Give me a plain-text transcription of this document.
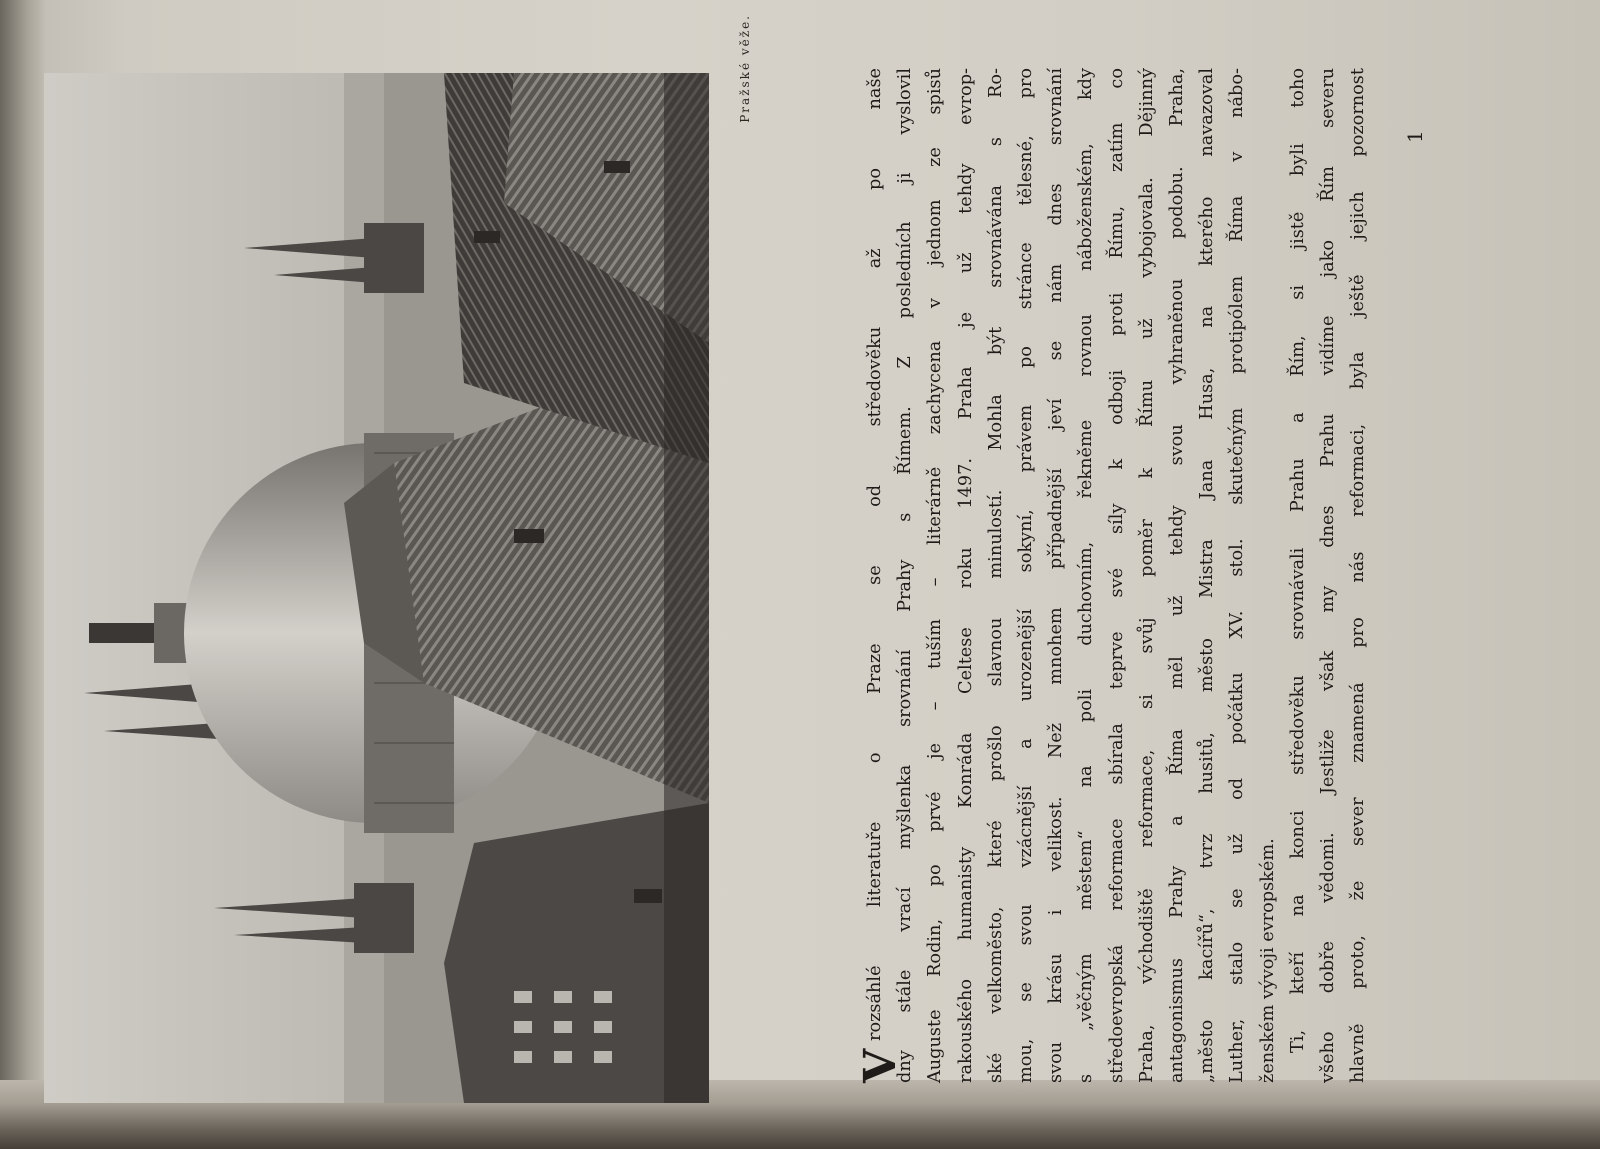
Pražské věže.

V
rozsáhlé literatuře o Praze se od středověku až po naše dny stále vrací myšlenka srovnání Prahy s Římem. Z posledních ji vyslovil Auguste Rodin, po prvé je – tuším – literárně zachycena v jednom ze spisů rakouského humanisty Konráda Celtese roku 1497. Praha je už tehdy evrop- ské velkoměsto, které prošlo slavnou minulostí. Mohla být srovnávána s Ro- mou, se svou vzácnější a urozenější sokyní, právem po stránce tělesné, pro svou krásu i velikost. Než mnohem případnější jeví se nám dnes srovnání s „věčným městem“ na poli duchovním, řekněme rovnou náboženském, kdy středoevropská reformace sbírala teprve své síly k odboji proti Římu, zatím co Praha, východiště reformace, si svůj poměr k Římu už vybojovala. Dějinný antagonismus Prahy a Říma měl už tehdy svou vyhraněnou podobu. Praha, „město kacířů“, tvrz husitů, město Mistra Jana Husa, na kterého navazoval Luther, stalo se už od počátku XV. stol. skutečným protipólem Říma v nábo- ženském vývoji evropském. Ti, kteří na konci středověku srovnávali Prahu a Řím, si jistě byli toho všeho dobře vědomi. Jestliže však my dnes Prahu vidíme jako Řím severu hlavně proto, že sever znamená pro nás reformaci, byla ještě jejich pozornost 1
